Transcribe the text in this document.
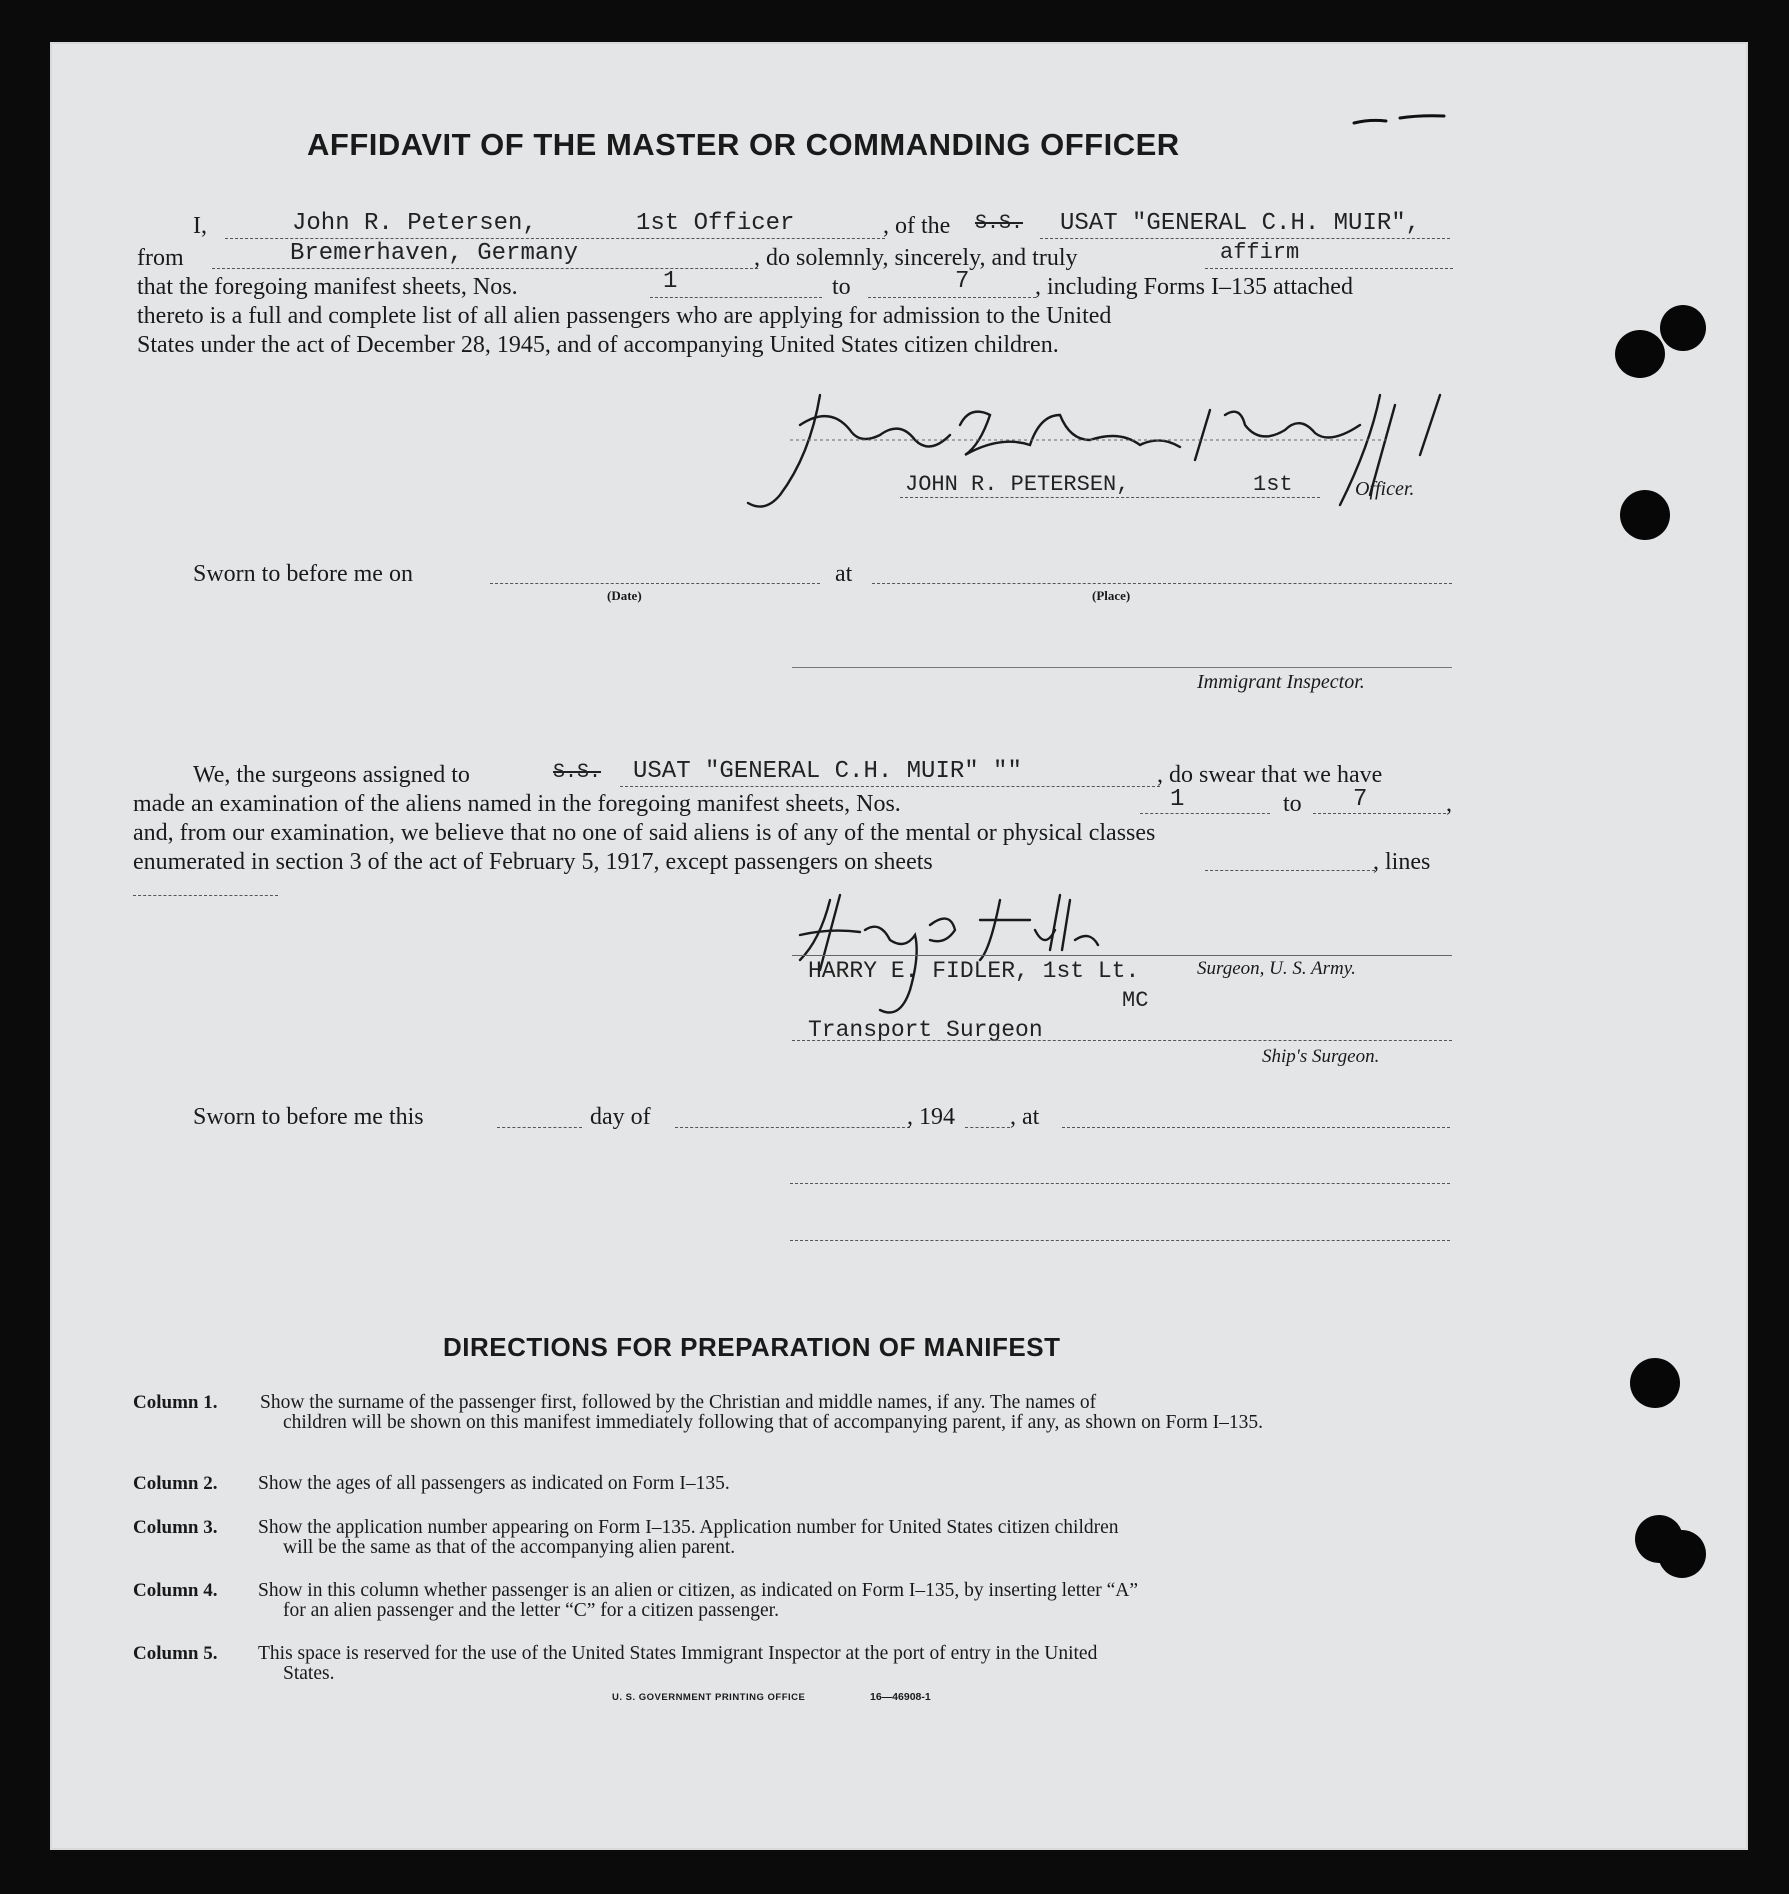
AFFIDAVIT OF THE MASTER OR COMMANDING OFFICER
I,	John R. Petersen,	1st Officer	, of the S.S. USAT "GENERAL C.H. MUIR",
from	Bremerhaven, Germany	, do solemnly, sincerely, and truly	affirm
that the foregoing manifest sheets, Nos.	1	to	7	, including Forms I–135 attached
thereto is a full and complete list of all alien passengers who are applying for admission to the United
States under the act of December 28, 1945, and of accompanying United States citizen children.
JOHN R. PETERSEN,	1st	Officer.
Sworn to before me on
(Date)
at
(Place)
Immigrant Inspector.
We, the surgeons assigned to	S.S. USAT "GENERAL C.H. MUIR" ""	, do swear that we have
made an examination of the aliens named in the foregoing manifest sheets, Nos.	1	to 7	,
and, from our examination, we believe that no one of said aliens is of any of the mental or physical classes
enumerated in section 3 of the act of February 5, 1917, except passengers on sheets	, lines
HARRY E. FIDLER, 1st Lt.
MC
Surgeon, U. S. Army.
Transport Surgeon
Ship's Surgeon.
Sworn to before me this	day of	, 194 , at
DIRECTIONS FOR PREPARATION OF MANIFEST
Column 1. Show the surname of the passenger first, followed by the Christian and middle names, if any. The names of
children will be shown on this manifest immediately following that of accompanying parent, if any, as shown on Form I–135.
Column 2. Show the ages of all passengers as indicated on Form I–135.
Column 3. Show the application number appearing on Form I–135. Application number for United States citizen children
will be the same as that of the accompanying alien parent.
Column 4. Show in this column whether passenger is an alien or citizen, as indicated on Form I–135, by inserting letter “A”
for an alien passenger and the letter “C” for a citizen passenger.
Column 5. This space is reserved for the use of the United States Immigrant Inspector at the port of entry in the United
States.
U. S. GOVERNMENT PRINTING OFFICE	16—46908-1
